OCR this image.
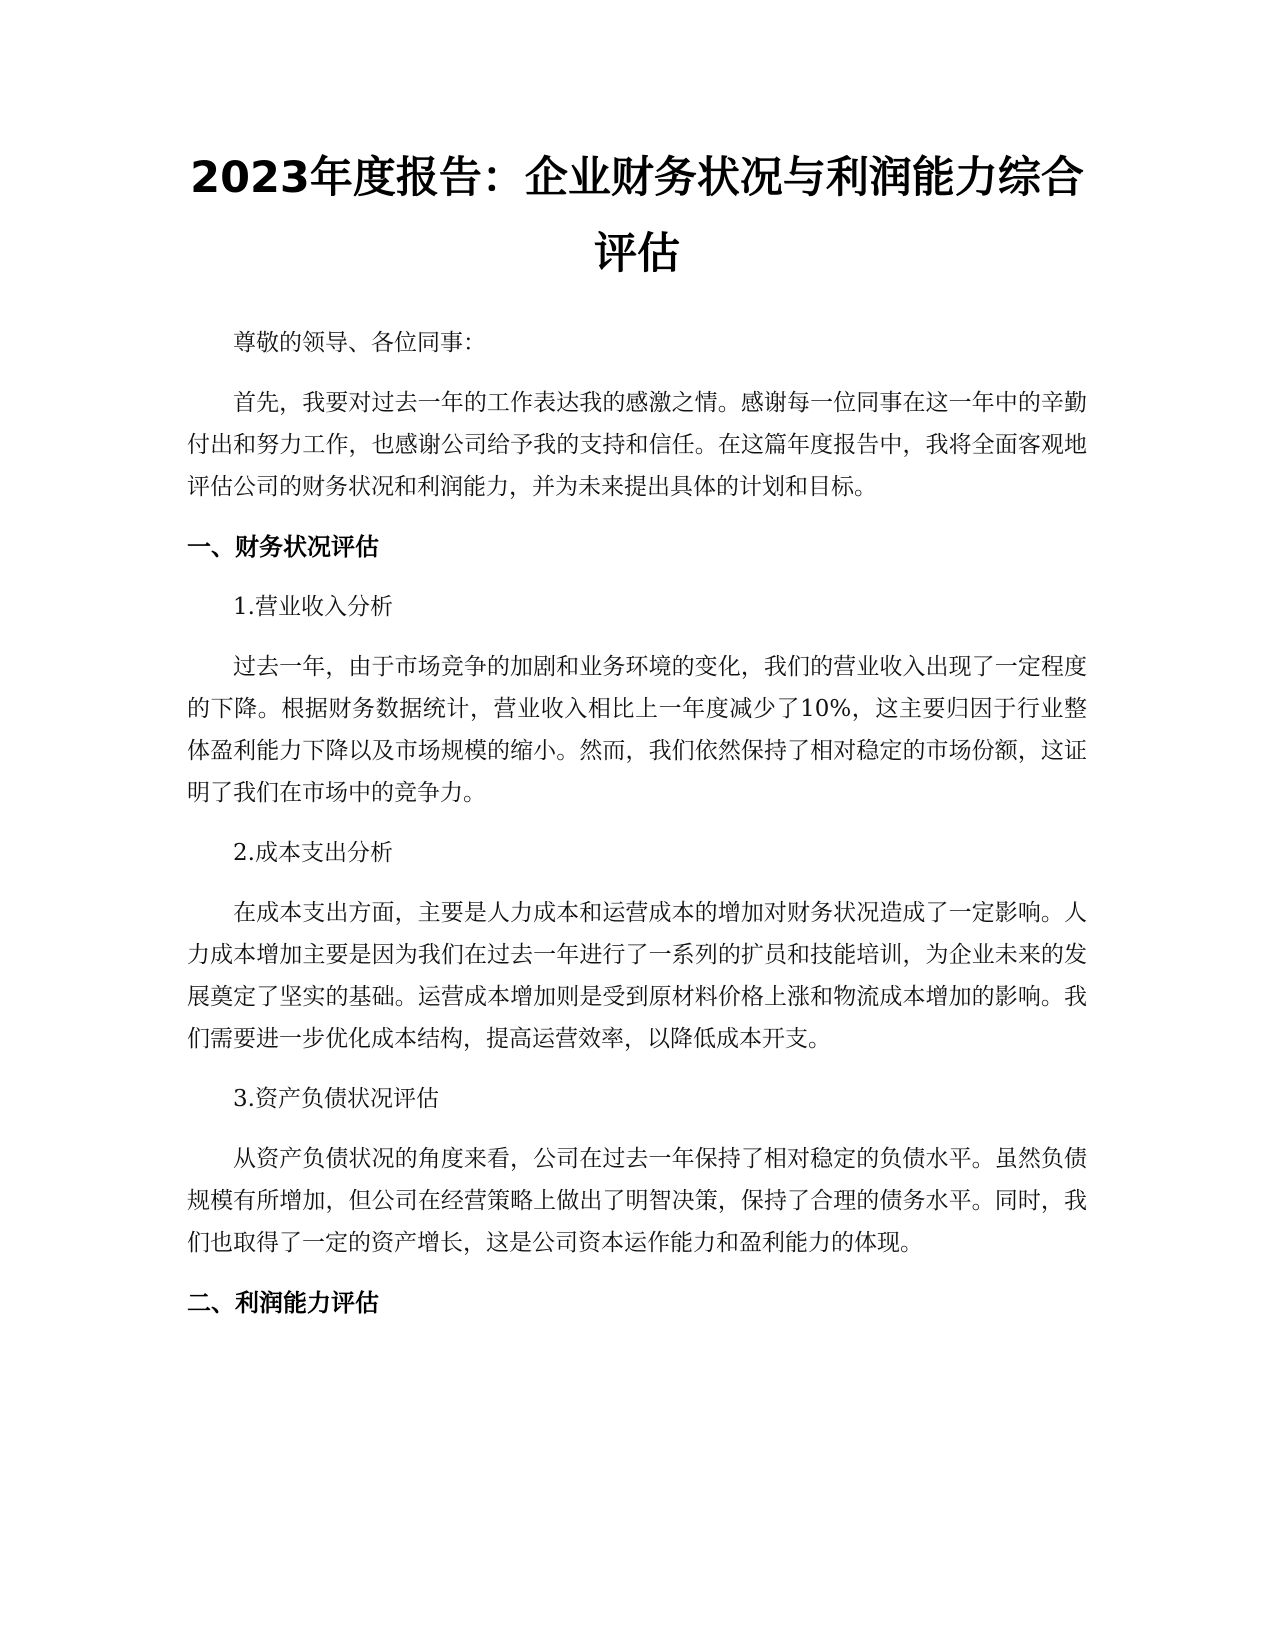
2023年度报告：企业财务状况与利润能力综合评估

尊敬的领导、各位同事：

首先，我要对过去一年的工作表达我的感激之情。感谢每一位同事在这一年中的辛勤付出和努力工作，也感谢公司给予我的支持和信任。在这篇年度报告中，我将全面客观地评估公司的财务状况和利润能力，并为未来提出具体的计划和目标。

一、财务状况评估

1.营业收入分析

过去一年，由于市场竞争的加剧和业务环境的变化，我们的营业收入出现了一定程度的下降。根据财务数据统计，营业收入相比上一年度减少了10%，这主要归因于行业整体盈利能力下降以及市场规模的缩小。然而，我们依然保持了相对稳定的市场份额，这证明了我们在市场中的竞争力。

2.成本支出分析

在成本支出方面，主要是人力成本和运营成本的增加对财务状况造成了一定影响。人力成本增加主要是因为我们在过去一年进行了一系列的扩员和技能培训，为企业未来的发展奠定了坚实的基础。运营成本增加则是受到原材料价格上涨和物流成本增加的影响。我们需要进一步优化成本结构，提高运营效率，以降低成本开支。

3.资产负债状况评估

从资产负债状况的角度来看，公司在过去一年保持了相对稳定的负债水平。虽然负债规模有所增加，但公司在经营策略上做出了明智决策，保持了合理的债务水平。同时，我们也取得了一定的资产增长，这是公司资本运作能力和盈利能力的体现。

二、利润能力评估
